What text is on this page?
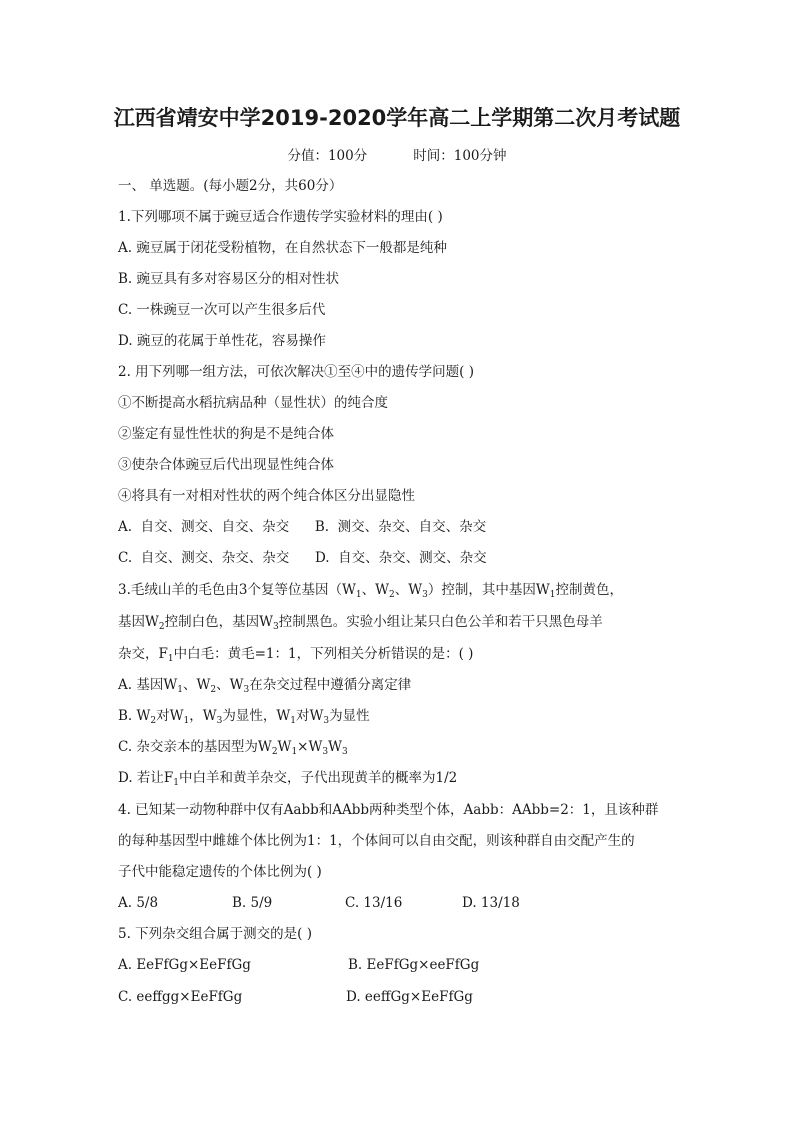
江西省靖安中学2019-2020学年高二上学期第二次月考试题
分值：100分	时间：100分钟
一、 单选题。(每小题2分，共60分）
1.下列哪项不属于豌豆适合作遗传学实验材料的理由( )
A. 豌豆属于闭花受粉植物，在自然状态下一般都是纯种
B. 豌豆具有多对容易区分的相对性状
C. 一株豌豆一次可以产生很多后代
D. 豌豆的花属于单性花，容易操作
2. 用下列哪一组方法，可依次解决①至④中的遗传学问题( )
①不断提高水稻抗病品种（显性状）的纯合度
②鉴定有显性性状的狗是不是纯合体
③使杂合体豌豆后代出现显性纯合体
④将具有一对相对性状的两个纯合体区分出显隐性
A.  自交、测交、自交、杂交      B.  测交、杂交、自交、杂交
C.  自交、测交、杂交、杂交      D.  自交、杂交、测交、杂交
3.毛绒山羊的毛色由3个复等位基因（$W_1$、$W_2$、$W_3$）控制，其中基因$W_1$控制黄色，
基因$W_2$控制白色，基因$W_3$控制黑色。实验小组让某只白色公羊和若干只黑色母羊
杂交，$F_1$中白毛：黄毛=1：1，下列相关分析错误的是：( )
A. 基因$W_1$、$W_2$、$W_3$在杂交过程中遵循分离定律
B. $W_2$对$W_1$，$W_3$为显性，$W_1$对$W_3$为显性
C. 杂交亲本的基因型为$W_2W_1\times W_3W_3$
D. 若让$F_1$中白羊和黄羊杂交，子代出现黄羊的概率为1/2
4. 已知某一动物种群中仅有Aabb和AAbb两种类型个体，Aabb：AAbb=2：1，且该种群
的每种基因型中雌雄个体比例为1：1，个体间可以自由交配，则该种群自由交配产生的
子代中能稳定遗传的个体比例为( )
A. 5/8	B. 5/9	C. 13/16	D. 13/18
5. 下列杂交组合属于测交的是( )
A. EeFfGg×EeFfGg	B. EeFfGg×eeFfGg
C. eeffgg×EeFfGg	D. eeffGg×EeFfGg
